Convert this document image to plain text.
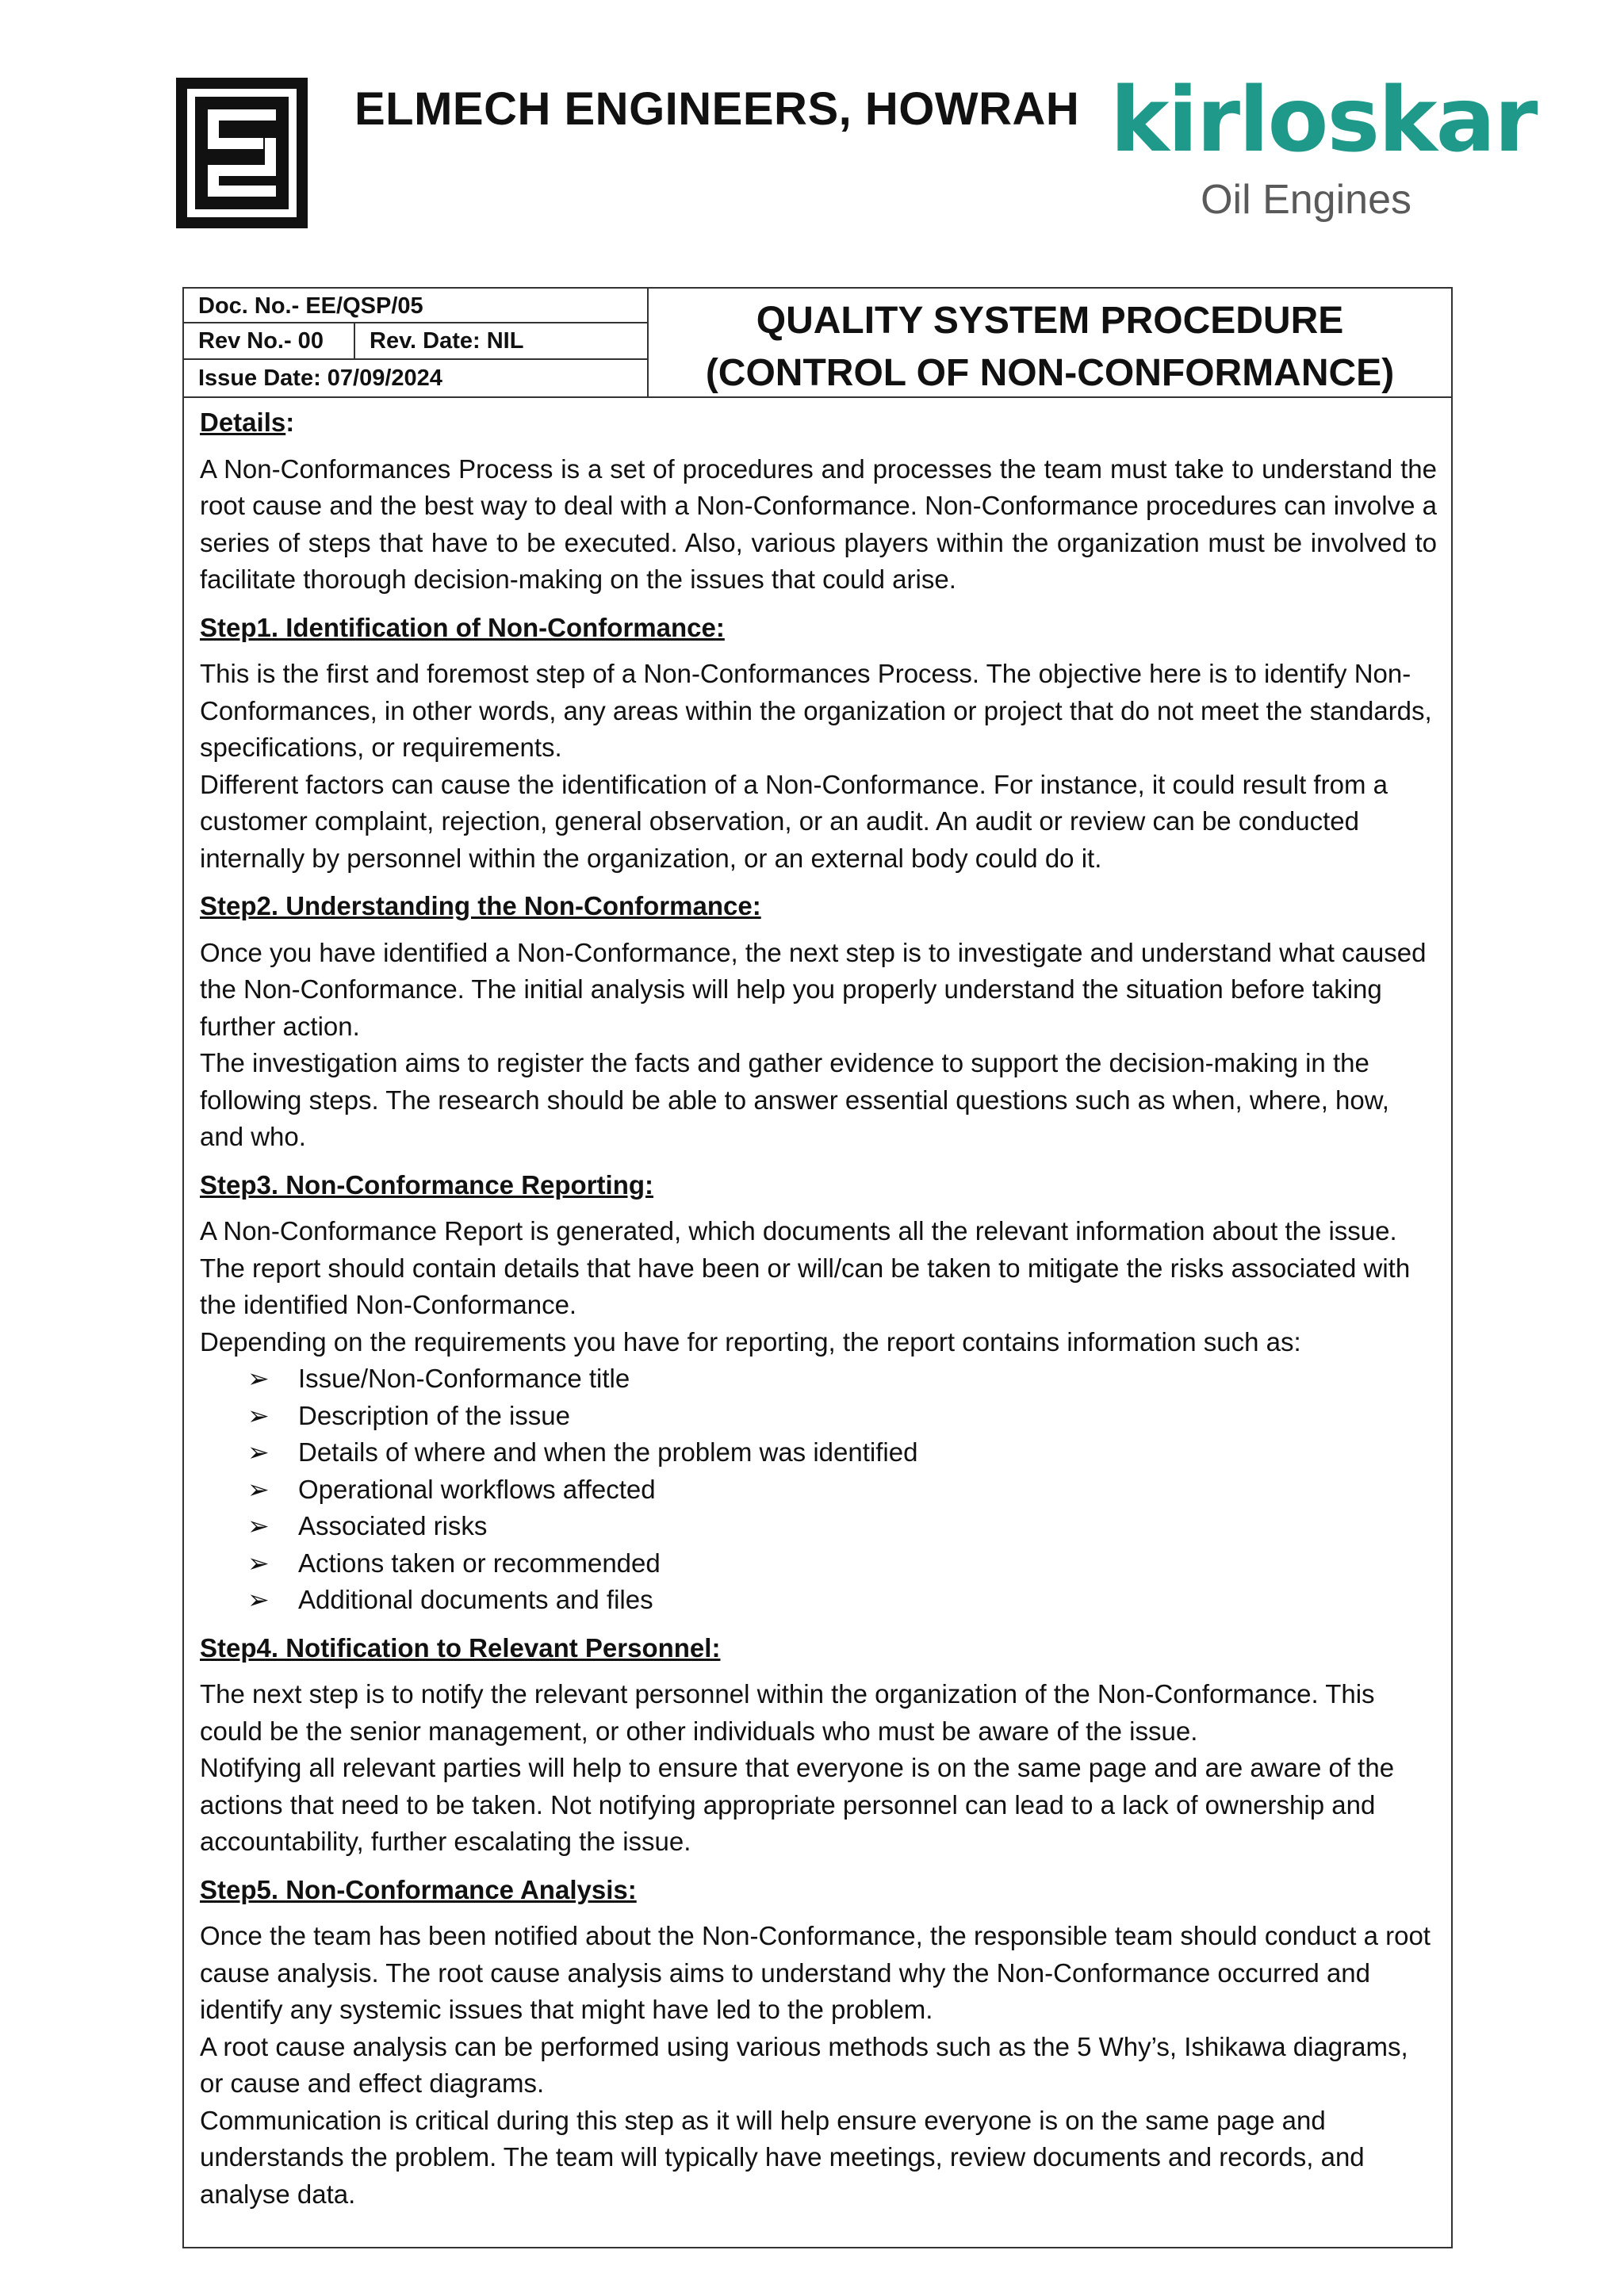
ELMECH ENGINEERS, HOWRAH kirloskar
Oil Engines
Doc. No.- EE/QSP/05
Rev No.- 00	Rev. Date: NIL
Issue Date: 07/09/2024
QUALITY SYSTEM PROCEDURE
(CONTROL OF NON-CONFORMANCE)

Details:

A Non-Conformances Process is a set of procedures and processes the team must take to understand the root cause and the best way to deal with a Non-Conformance. Non-Conformance procedures can involve a series of steps that have to be executed. Also, various players within the organization must be involved to facilitate thorough decision-making on the issues that could arise.

Step1. Identification of Non-Conformance:

This is the first and foremost step of a Non-Conformances Process. The objective here is to identify Non-Conformances, in other words, any areas within the organization or project that do not meet the standards, specifications, or requirements.

Different factors can cause the identification of a Non-Conformance. For instance, it could result from a customer complaint, rejection, general observation, or an audit. An audit or review can be conducted internally by personnel within the organization, or an external body could do it.

Step2. Understanding the Non-Conformance:

Once you have identified a Non-Conformance, the next step is to investigate and understand what caused the Non-Conformance. The initial analysis will help you properly understand the situation before taking further action.

The investigation aims to register the facts and gather evidence to support the decision-making in the following steps. The research should be able to answer essential questions such as when, where, how, and who.

Step3. Non-Conformance Reporting:

A Non-Conformance Report is generated, which documents all the relevant information about the issue. The report should contain details that have been or will/can be taken to mitigate the risks associated with the identified Non-Conformance.

Depending on the requirements you have for reporting, the report contains information such as:

➢ Issue/Non-Conformance title
➢ Description of the issue
➢ Details of where and when the problem was identified
➢ Operational workflows affected
➢ Associated risks
➢ Actions taken or recommended
➢ Additional documents and files

Step4. Notification to Relevant Personnel:

The next step is to notify the relevant personnel within the organization of the Non-Conformance. This could be the senior management, or other individuals who must be aware of the issue.

Notifying all relevant parties will help to ensure that everyone is on the same page and are aware of the actions that need to be taken. Not notifying appropriate personnel can lead to a lack of ownership and accountability, further escalating the issue.

Step5. Non-Conformance Analysis:

Once the team has been notified about the Non-Conformance, the responsible team should conduct a root cause analysis. The root cause analysis aims to understand why the Non-Conformance occurred and identify any systemic issues that might have led to the problem.

A root cause analysis can be performed using various methods such as the 5 Why’s, Ishikawa diagrams, or cause and effect diagrams.

Communication is critical during this step as it will help ensure everyone is on the same page and understands the problem. The team will typically have meetings, review documents and records, and analyse data.
